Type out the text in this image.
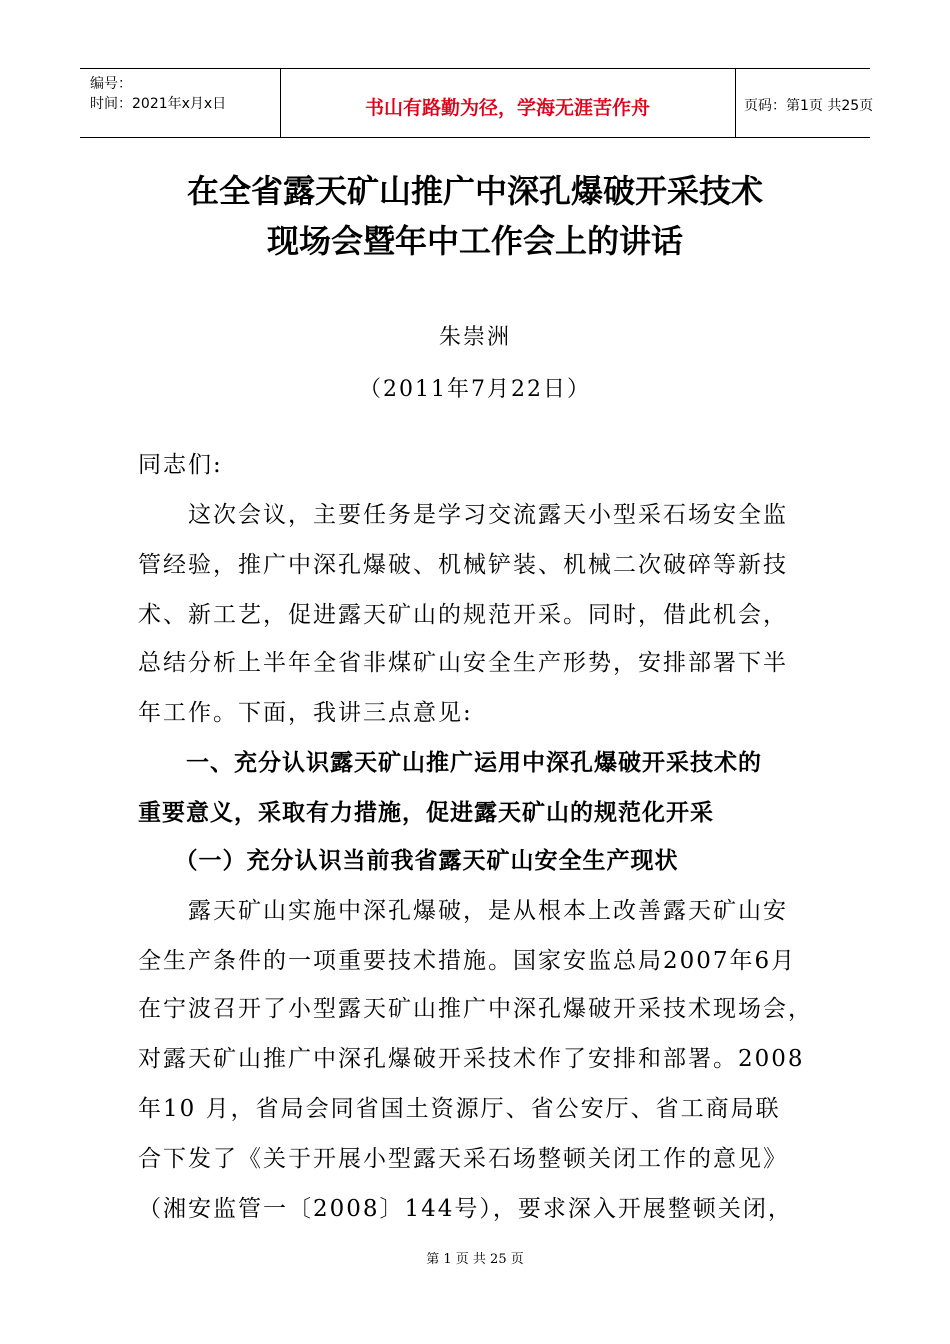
编号：
时间：2021年x月x日	书山有路勤为径，学海无涯苦作舟	页码：第1页 共25页
在全省露天矿山推广中深孔爆破开采技术
现场会暨年中工作会上的讲话
朱崇洲
（2011年7月22日）
同志们:
　　这次会议，主要任务是学习交流露天小型采石场安全监
管经验，推广中深孔爆破、机械铲装、机械二次破碎等新技
术、新工艺，促进露天矿山的规范开采。同时，借此机会，
总结分析上半年全省非煤矿山安全生产形势，安排部署下半
年工作。下面，我讲三点意见:
　　一、充分认识露天矿山推广运用中深孔爆破开采技术的
重要意义，采取有力措施，促进露天矿山的规范化开采
　　（一）充分认识当前我省露天矿山安全生产现状
　　露天矿山实施中深孔爆破，是从根本上改善露天矿山安
全生产条件的一项重要技术措施。国家安监总局2007年6月
在宁波召开了小型露天矿山推广中深孔爆破开采技术现场会，
对露天矿山推广中深孔爆破开采技术作了安排和部署。2008
年10 月，省局会同省国土资源厅、省公安厅、省工商局联
合下发了《关于开展小型露天采石场整顿关闭工作的意见》
（湘安监管一〔2008〕144号），要求深入开展整顿关闭，
第 1 页 共 25 页
